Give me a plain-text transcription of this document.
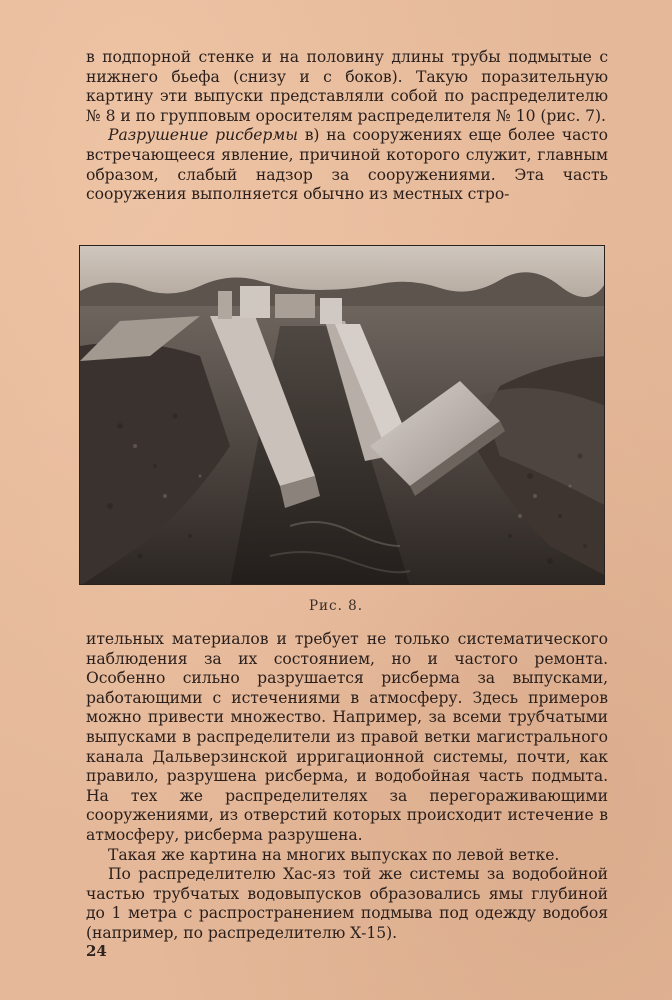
в подпорной стенке и на половину длины трубы подмытые с нижнего бьефа (снизу и с боков). Такую поразительную картину эти выпуски представляли собой по распределителю № 8 и по групповым оросителям распределителя № 10 (рис. 7).

Разрушение рисбермы в) на сооружениях еще более часто встречающееся явление, причиной которого служит, главным образом, слабый надзор за сооружениями. Эта часть сооружения выполняется обычно из местных стро-

Рис. 8.

ительных материалов и требует не только систематического наблюдения за их состоянием, но и частого ремонта. Особенно сильно разрушается рисберма за выпусками, работающими с истечениями в атмосферу. Здесь примеров можно привести множество. Например, за всеми трубчатыми выпусками в распределители из правой ветки магистрального канала Дальверзинской ирригационной системы, почти, как правило, разрушена рисберма, и водобойная часть подмыта. На тех же распределителях за перегораживающими сооружениями, из отверстий которых происходит истечение в атмосферу, рисберма разрушена.

Такая же картина на многих выпусках по левой ветке.

По распределителю Хас-яз той же системы за водобойной частью трубчатых водовыпусков образовались ямы глубиной до 1 метра с распространением подмыва под одежду водобоя (например, по распределителю Х-15).

24
